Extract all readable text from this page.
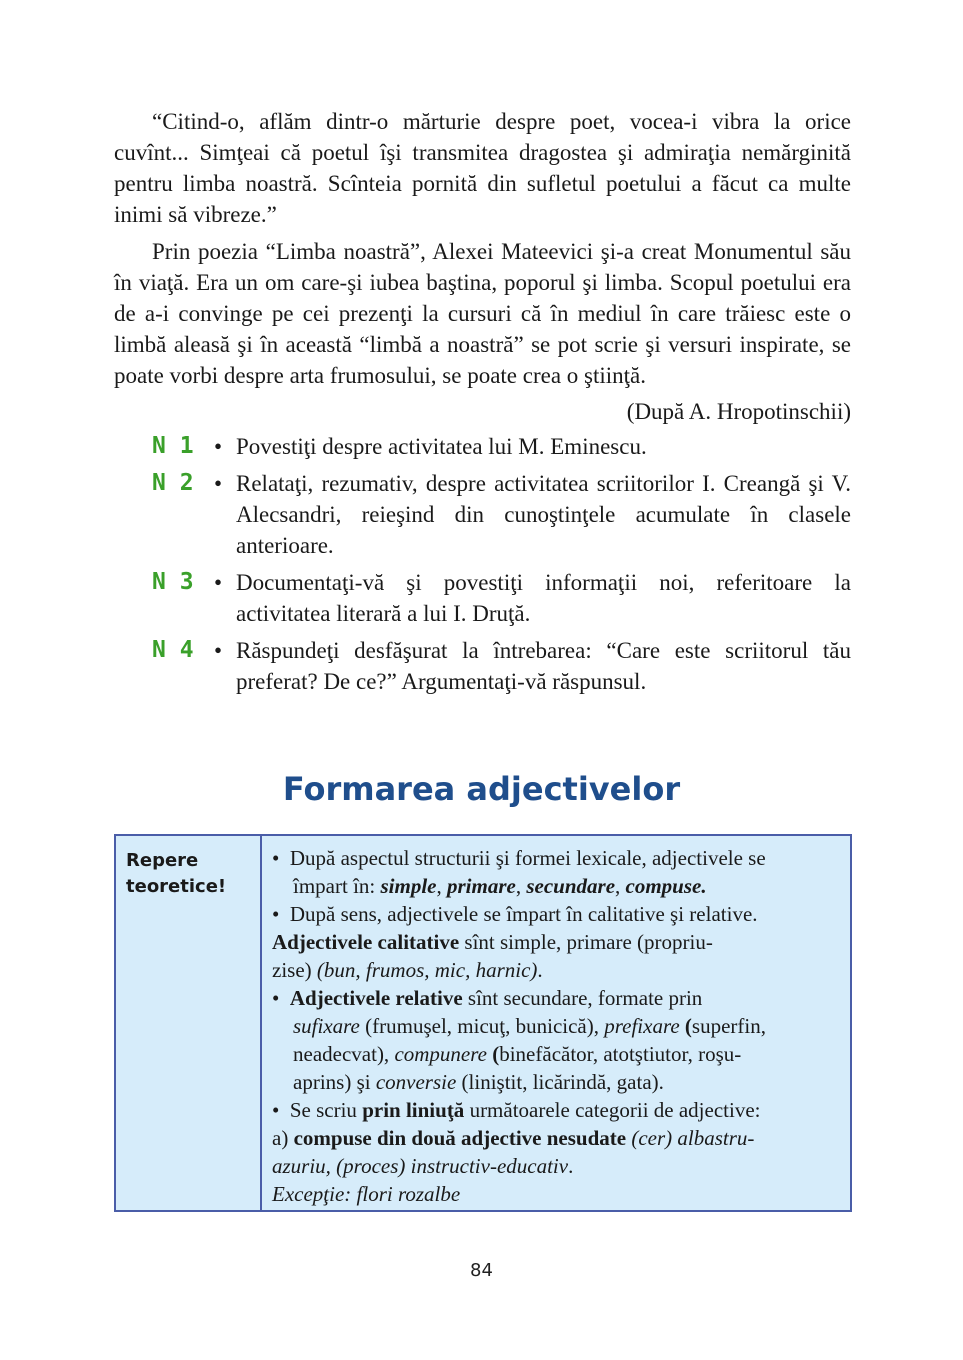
“Citind-o, aflăm dintr-o mărturie despre poet, vocea-i vibra la orice cuvînt... Simţeai că poetul îşi transmitea dragostea şi admiraţia nemărginită pentru limba noastră. Scînteia pornită din sufletul poetului a făcut ca multe inimi să vibreze.”

Prin poezia “Limba noastră”, Alexei Mateevici şi-a creat Monumentul său în viaţă. Era un om care-şi iubea baştina, poporul şi limba. Scopul poetului era de a-i convinge pe cei prezenţi la cursuri că în mediul în care trăiesc este o limbă aleasă şi în această “limbă a noastră” se pot scrie şi versuri inspirate, se poate vorbi despre arta frumosului, se poate crea o ştiinţă.

(După A. Hropotinschii)
N 1 • Povestiţi despre activitatea lui M. Eminescu.
N 2 • Relataţi, rezumativ, despre activitatea scriitorilor I. Creangă şi V. Alecsandri, reieşind din cunoştinţele acumulate în clasele anterioare.
N 3 • Documentaţi-vă şi povestiţi informaţii noi, referitoare la activitatea literară a lui I. Druţă.
N 4 • Răspundeţi desfăşurat la întrebarea: “Care este scriitorul tău preferat? De ce?” Argumentaţi-vă răspunsul.
Formarea adjectivelor
Repere
teoretice!
• După aspectul structurii şi formei lexicale, adjectivele se
împart în: simple, primare, secundare, compuse.
• După sens, adjectivele se împart în calitative şi relative.
Adjectivele calitative sînt simple, primare (propriu-
zise) (bun, frumos, mic, harnic).
• Adjectivele relative sînt secundare, formate prin
sufixare (frumuşel, micuţ, bunicică), prefixare (superfin,
neadecvat), compunere (binefăcător, atotştiutor, roşu-
aprins) şi conversie (liniştit, licărindă, gata).
• Se scriu prin liniuţă următoarele categorii de adjective:
a) compuse din două adjective nesudate (cer) albastru-
azuriu, (proces) instructiv-educativ.
Excepţie: flori rozalbe
84
